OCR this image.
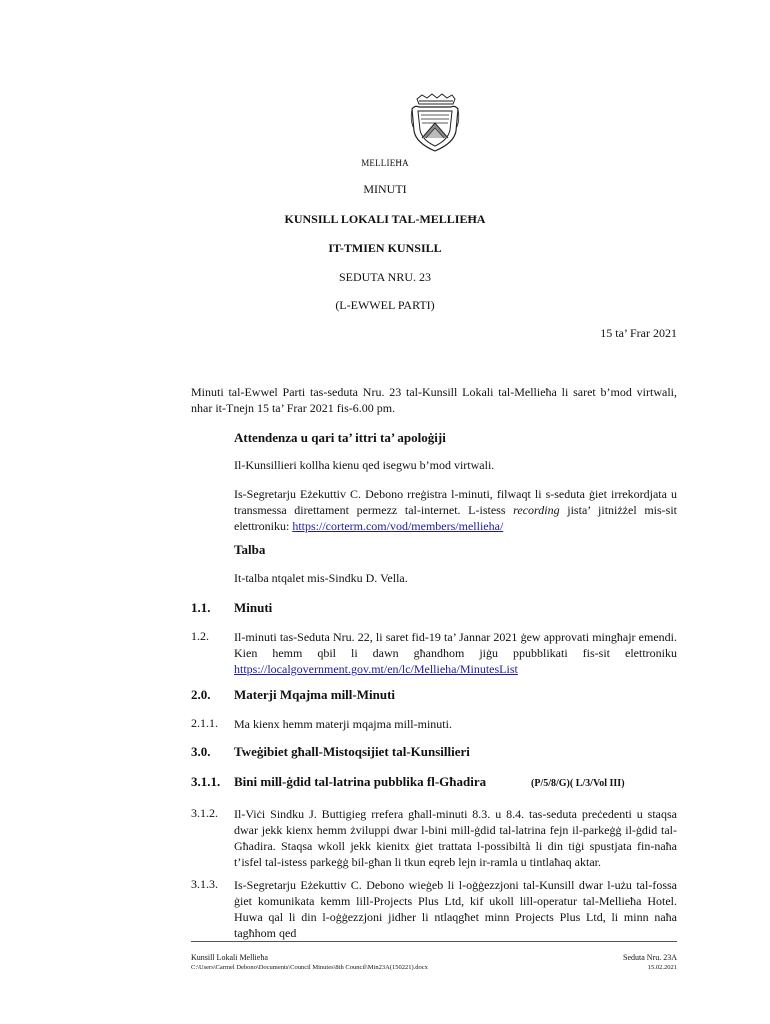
MELLIEĦA
MINUTI
KUNSILL LOKALI TAL-MELLIEĦA
IT-TMIEN KUNSILL
SEDUTA NRU. 23
(L-EWWEL PARTI)
15 ta’ Frar 2021
Minuti tal-Ewwel Parti tas-seduta Nru. 23 tal-Kunsill Lokali tal-Mellieħa li saret b’mod virtwali, nhar it-Tnejn 15 ta’ Frar 2021 fis-6.00 pm.
Attendenza u qari ta’ ittri ta’ apoloġiji
Il-Kunsillieri kollha kienu qed isegwu b’mod virtwali.
Is-Segretarju Eżekuttiv C. Debono rreġistra l-minuti, filwaqt li s-seduta ġiet irrekordjata u transmessa direttament permezz tal-internet. L-istess recording jista’ jitniżżel mis-sit elettroniku: https://corterm.com/vod/members/mellieha/
Talba
It-talba ntqalet mis-Sindku D. Vella.
1.1. Minuti
1.2. Il-minuti tas-Seduta Nru. 22, li saret fid-19 ta’ Jannar 2021 ġew approvati mingħajr emendi. Kien hemm qbil li dawn għandhom jiġu ppubblikati fis-sit elettroniku https://localgovernment.gov.mt/en/lc/Mellieha/MinutesList
2.0. Materji Mqajma mill-Minuti
2.1.1. Ma kienx hemm materji mqajma mill-minuti.
3.0. Tweġibiet għall-Mistoqsijiet tal-Kunsillieri
3.1.1. Bini mill-ġdid tal-latrina pubblika fl-Għadira	(P/5/8/G)( L/3/Vol III)
3.1.2. Il-Viċi Sindku J. Buttigieg rrefera għall-minuti 8.3. u 8.4. tas-seduta preċedenti u staqsa dwar jekk kienx hemm żviluppi dwar l-bini mill-ġdid tal-latrina fejn il-parkeġġ il-ġdid tal-Għadira. Staqsa wkoll jekk kienitx ġiet trattata l-possibiltà li din tiġi spustjata fin-naħa t’isfel tal-istess parkeġġ bil-għan li tkun eqreb lejn ir-ramla u tintlaħaq aktar.
3.1.3. Is-Segretarju Eżekuttiv C. Debono wieġeb li l-oġġezzjoni tal-Kunsill dwar l-użu tal-fossa ġiet komunikata kemm lill-Projects Plus Ltd, kif ukoll lill-operatur tal-Mellieħa Hotel. Huwa qal li din l-oġġezzjoni jidher li ntlaqgħet minn Projects Plus Ltd, li minn naħa tagħhom qed
Kunsill Lokali Mellieħa	Seduta Nru. 23A
C:\Users\Carmel Debono\Documents\Council Minutes\8th Council\Min23A(150221).docx	15.02.2021
